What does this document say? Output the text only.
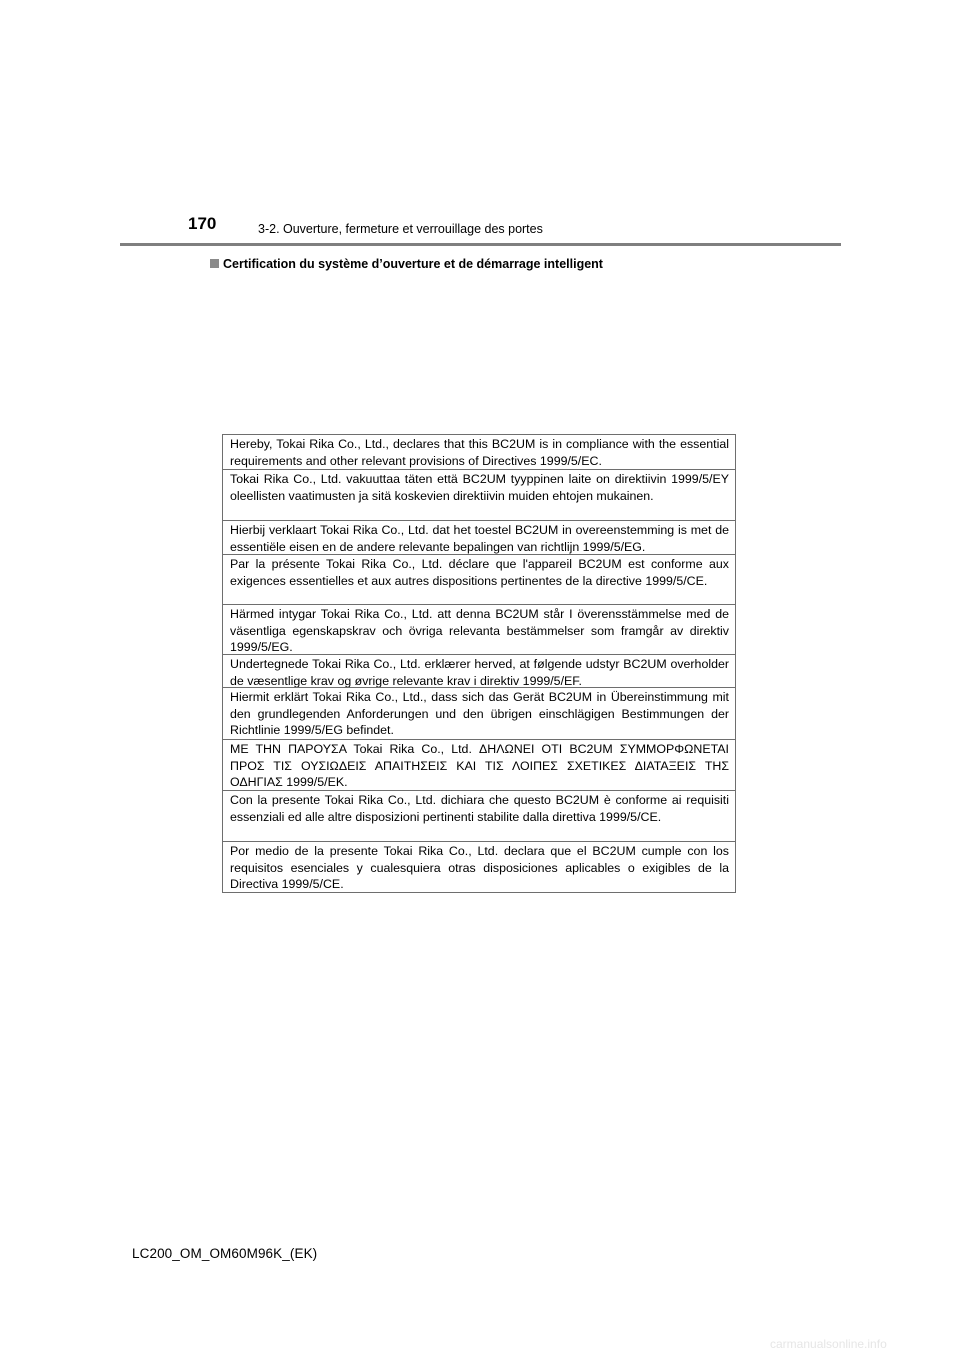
170	3-2. Ouverture, fermeture et verrouillage des portes
Certification du système d’ouverture et de démarrage intelligent
Hereby, Tokai Rika Co., Ltd., declares that this BC2UM is in compliance with the essential requirements and other relevant provisions of Directives 1999/5/EC.
Tokai Rika Co., Ltd. vakuuttaa täten että BC2UM tyyppinen laite on direktiivin 1999/5/EY oleellisten vaatimusten ja sitä koskevien direktiivin muiden ehtojen mukainen.
Hierbij verklaart Tokai Rika Co., Ltd. dat het toestel BC2UM in overeenstemming is met de essentiële eisen en de andere relevante bepalingen van richtlijn 1999/5/EG.
Par la présente Tokai Rika Co., Ltd. déclare que l'appareil BC2UM est conforme aux exigences essentielles et aux autres dispositions pertinentes de la directive 1999/5/CE.
Härmed intygar Tokai Rika Co., Ltd. att denna BC2UM står I överensstämmelse med de väsentliga egenskapskrav och övriga relevanta bestämmelser som framgår av direktiv 1999/5/EG.
Undertegnede Tokai Rika Co., Ltd. erklærer herved, at følgende udstyr BC2UM overholder de væsentlige krav og øvrige relevante krav i direktiv 1999/5/EF.
Hiermit erklärt Tokai Rika Co., Ltd., dass sich das Gerät BC2UM in Übereinstimmung mit den grundlegenden Anforderungen und den übrigen einschlägigen Bestimmungen der Richtlinie 1999/5/EG befindet.
ΜΕ ΤΗΝ ΠΑΡΟΥΣΑ Tokai Rika Co., Ltd. ΔΗΛΩΝΕΙ ΟΤΙ BC2UM ΣΥΜΜΟΡΦΩΝΕΤΑΙ ΠΡΟΣ ΤΙΣ ΟΥΣΙΩΔΕΙΣ ΑΠΑΙΤΗΣΕΙΣ ΚΑΙ ΤΙΣ ΛΟΙΠΕΣ ΣΧΕΤΙΚΕΣ ΔΙΑΤΑΞΕΙΣ ΤΗΣ ΟΔΗΓΙΑΣ 1999/5/ΕΚ.
Con la presente Tokai Rika Co., Ltd. dichiara che questo BC2UM è conforme ai requisiti essenziali ed alle altre disposizioni pertinenti stabilite dalla direttiva 1999/5/CE.
Por medio de la presente Tokai Rika Co., Ltd. declara que el BC2UM cumple con los requisitos esenciales y cualesquiera otras disposiciones aplicables o exigibles de la Directiva 1999/5/CE.
LC200_OM_OM60M96K_(EK)
carmanualsonline.info
